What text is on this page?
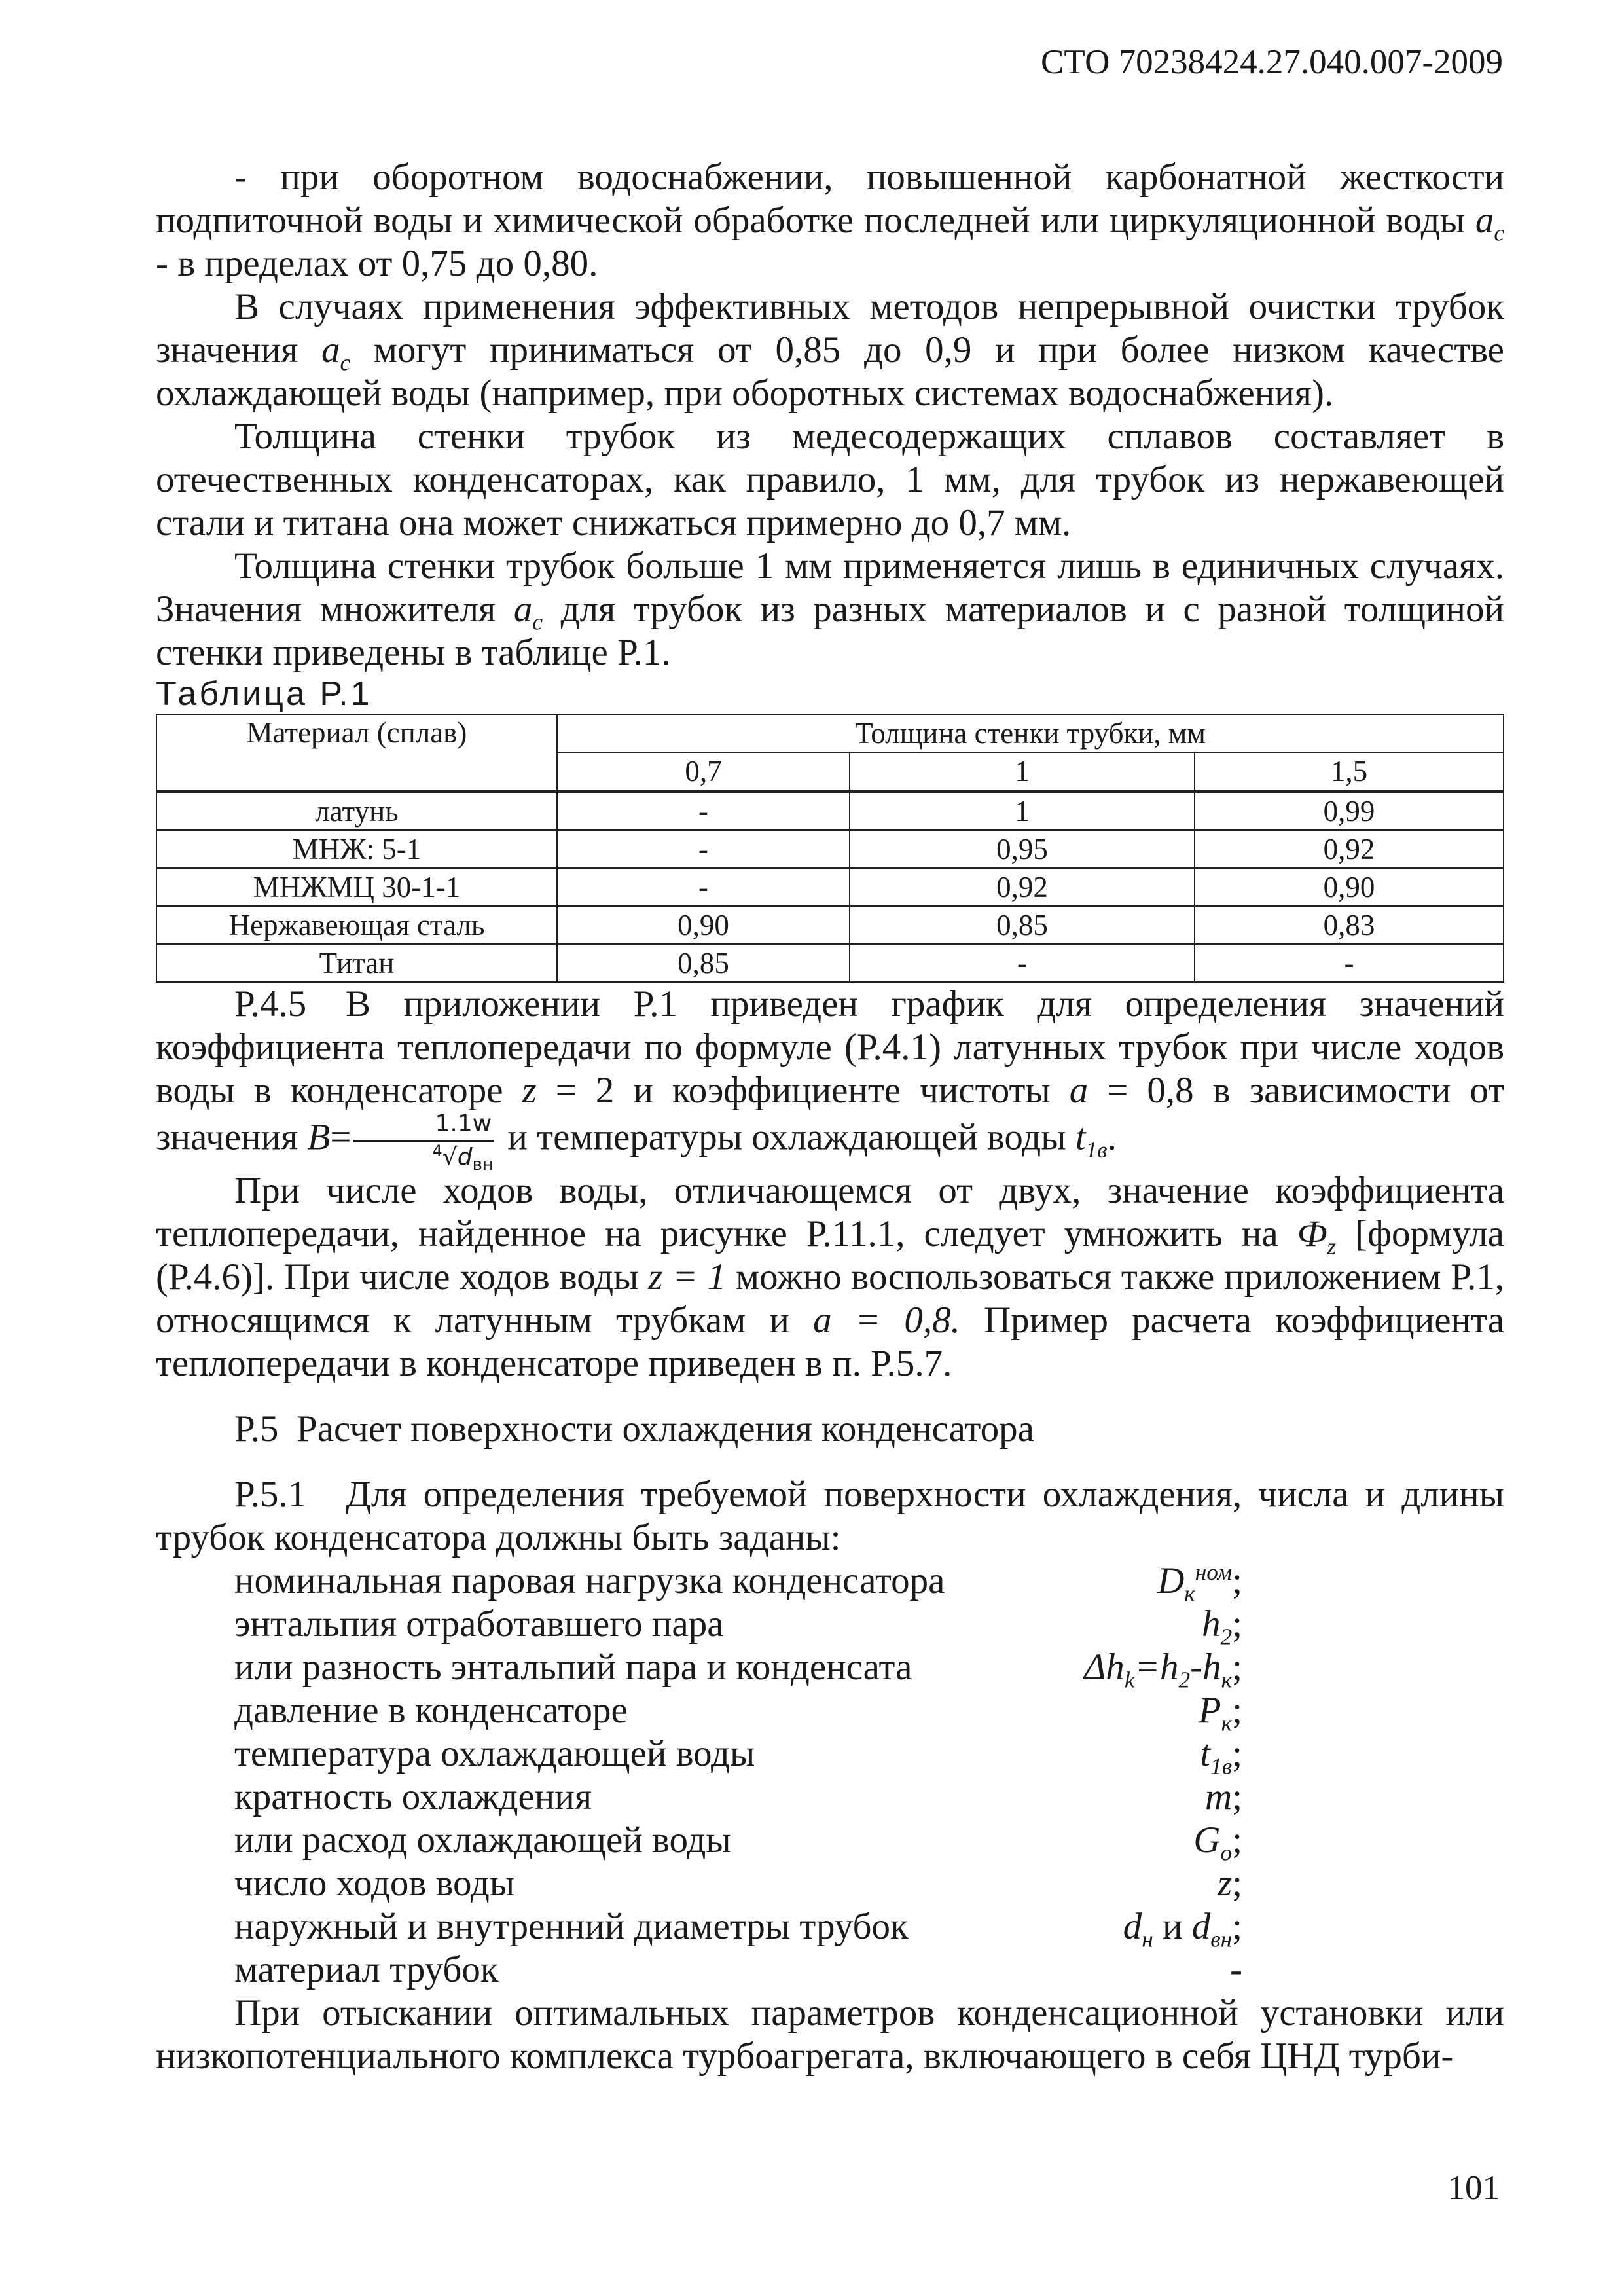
СТО 70238424.27.040.007-2009

- при оборотном водоснабжении, повышенной карбонатной жесткости подпиточной воды и химической обработке последней или циркуляционной воды $a_c$ - в пределах от 0,75 до 0,80.

В случаях применения эффективных методов непрерывной очистки трубок значения $a_c$ могут приниматься от 0,85 до 0,9 и при более низком качестве охлаждающей воды (например, при оборотных системах водоснабжения).

Толщина стенки трубок из медесодержащих сплавов составляет в отечественных конденсаторах, как правило, 1 мм, для трубок из нержавеющей стали и титана она может снижаться примерно до 0,7 мм.

Толщина стенки трубок больше 1 мм применяется лишь в единичных случаях. Значения множителя $a_c$ для трубок из разных материалов и с разной толщиной стенки приведены в таблице Р.1.

Таблица Р.1
Материал (сплав)	Толщина стенки трубки, мм		
	0,7	1	1,5
латунь	-	1	0,99
МНЖ: 5-1	-	0,95	0,92
МНЖМЦ 30-1-1	-	0,92	0,90
Нержавеющая сталь	0,90	0,85	0,83
Титан	0,85	-	-

Р.4.5 В приложении Р.1 приведен график для определения значений коэффициента теплопередачи по формуле (Р.4.1) латунных трубок при числе ходов воды в конденсаторе z = 2 и коэффициенте чистоты a = 0,8 в зависимости от значения $B= \frac{1.1w}{^4√d_{вн}}$ и температуры охлаждающей воды $t_{1в}$.

При числе ходов воды, отличающемся от двух, значение коэффициента теплопередачи, найденное на рисунке Р.11.1, следует умножить на $Ф_z$ [формула (Р.4.6)]. При числе ходов воды z = 1 можно воспользоваться также приложением Р.1, относящимся к латунным трубкам и a = 0,8. Пример расчета коэффициента теплопередачи в конденсаторе приведен в п. Р.5.7.

Р.5 Расчет поверхности охлаждения конденсатора

Р.5.1 Для определения требуемой поверхности охлаждения, числа и длины трубок конденсатора должны быть заданы:

номинальная паровая нагрузка конденсатора	$D_к^{ном}$;
энтальпия отработавшего пара	$h_2$;
или разность энтальпий пара и конденсата	$\Delta h_k=h_2-h_к$;
давление в конденсаторе	$P_к$;
температура охлаждающей воды	$t_{1в}$;
кратность охлаждения	m;
или расход охлаждающей воды	$G_o$;
число ходов воды	z;
наружный и внутренний диаметры трубок	$d_н$ и $d_{вн}$;
материал трубок	-

При отыскании оптимальных параметров конденсационной установки или низкопотенциального комплекса турбоагрегата, включающего в себя ЦНД турби-

101
